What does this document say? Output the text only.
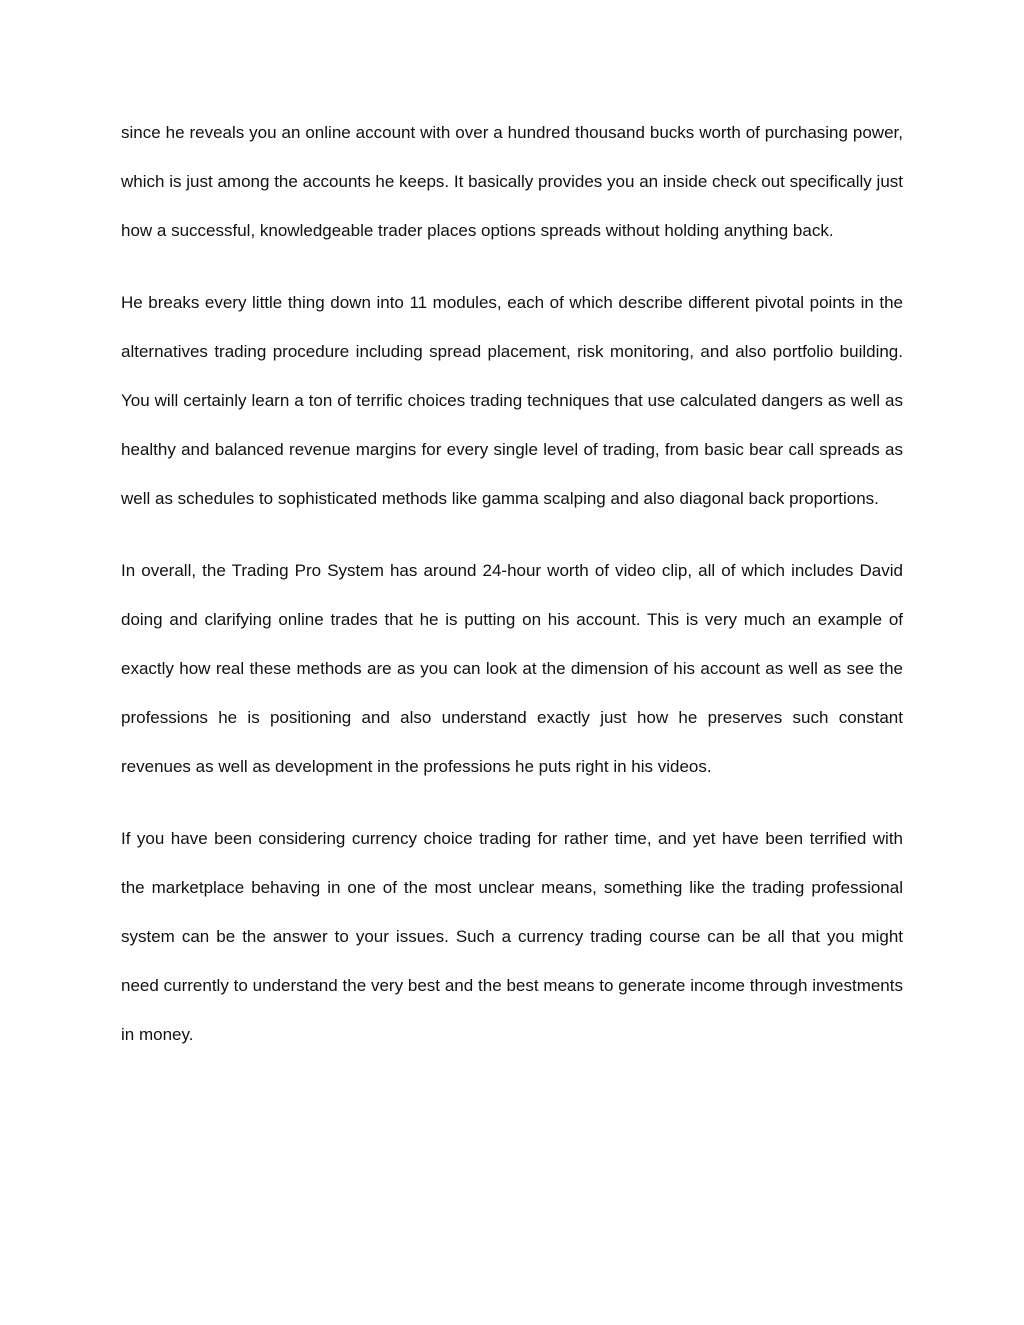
since he reveals you an online account with over a hundred thousand bucks worth of purchasing power, which is just among the accounts he keeps. It basically provides you an inside check out specifically just how a successful, knowledgeable trader places options spreads without holding anything back.

He breaks every little thing down into 11 modules, each of which describe different pivotal points in the alternatives trading procedure including spread placement, risk monitoring, and also portfolio building. You will certainly learn a ton of terrific choices trading techniques that use calculated dangers as well as healthy and balanced revenue margins for every single level of trading, from basic bear call spreads as well as schedules to sophisticated methods like gamma scalping and also diagonal back proportions.

In overall, the Trading Pro System has around 24-hour worth of video clip, all of which includes David doing and clarifying online trades that he is putting on his account. This is very much an example of exactly how real these methods are as you can look at the dimension of his account as well as see the professions he is positioning and also understand exactly just how he preserves such constant revenues as well as development in the professions he puts right in his videos.

If you have been considering currency choice trading for rather time, and yet have been terrified with the marketplace behaving in one of the most unclear means, something like the trading professional system can be the answer to your issues. Such a currency trading course can be all that you might need currently to understand the very best and the best means to generate income through investments in money.
